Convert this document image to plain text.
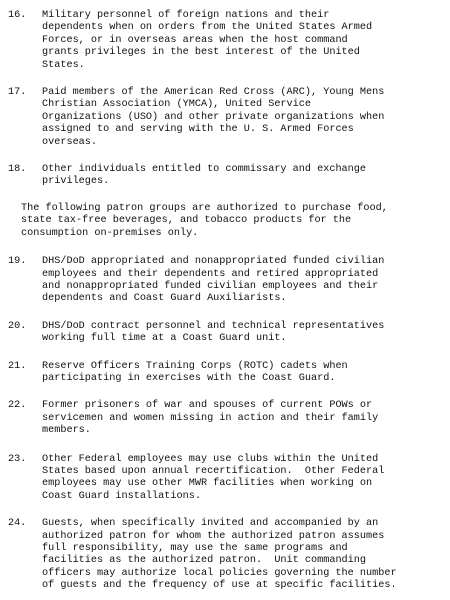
16.	Military personnel of foreign nations and their
dependents when on orders from the United States Armed
Forces, or in overseas areas when the host command
grants privileges in the best interest of the United
States.
17.	Paid members of the American Red Cross (ARC), Young Mens
Christian Association (YMCA), United Service
Organizations (USO) and other private organizations when
assigned to and serving with the U. S. Armed Forces
overseas.
18.	Other individuals entitled to commissary and exchange
privileges.
The following patron groups are authorized to purchase food,
state tax-free beverages, and tobacco products for the
consumption on-premises only.
19.	DHS/DoD appropriated and nonappropriated funded civilian
employees and their dependents and retired appropriated
and nonappropriated funded civilian employees and their
dependents and Coast Guard Auxiliarists.
20.	DHS/DoD contract personnel and technical representatives
working full time at a Coast Guard unit.
21.	Reserve Officers Training Corps (ROTC) cadets when
participating in exercises with the Coast Guard.
22.	Former prisoners of war and spouses of current POWs or
servicemen and women missing in action and their family
members.
23.	Other Federal employees may use clubs within the United
States based upon annual recertification.  Other Federal
employees may use other MWR facilities when working on
Coast Guard installations.
24.	Guests, when specifically invited and accompanied by an
authorized patron for whom the authorized patron assumes
full responsibility, may use the same programs and
facilities as the authorized patron.  Unit commanding
officers may authorize local policies governing the number
of guests and the frequency of use at specific facilities.
